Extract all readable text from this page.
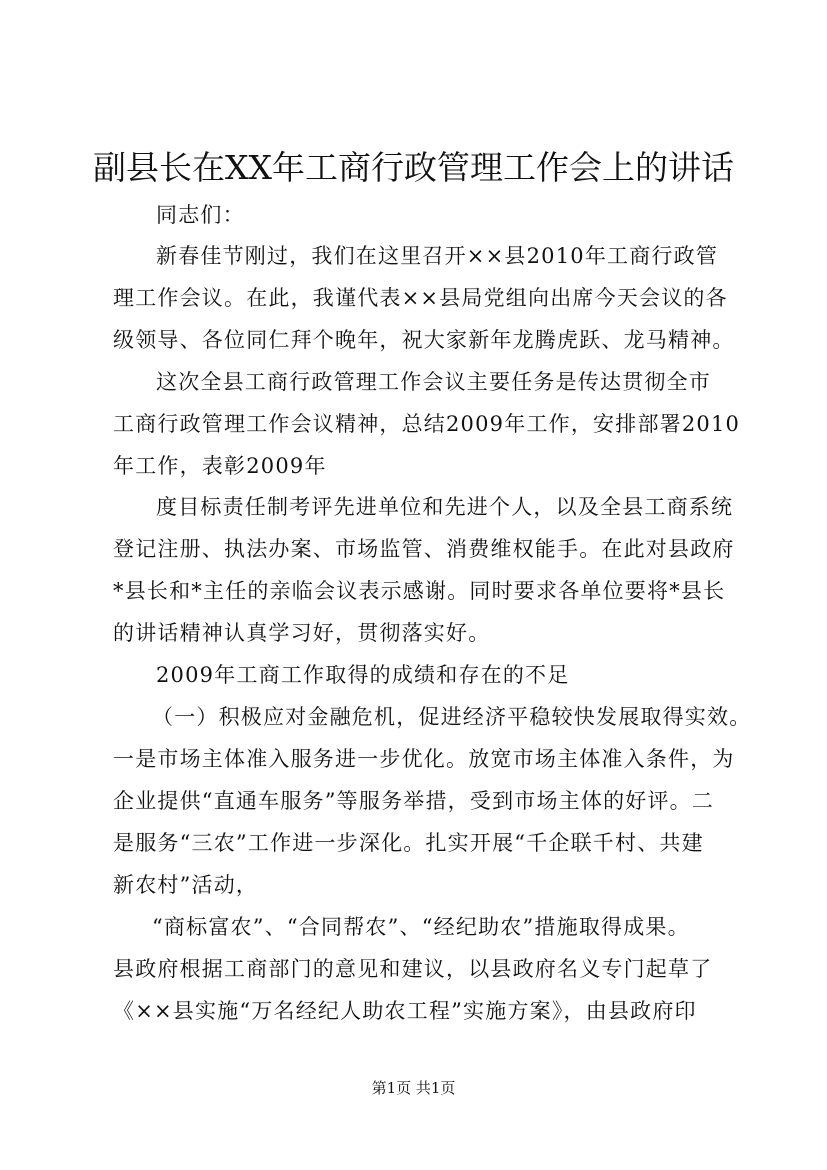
副县长在XX年工商行政管理工作会上的讲话
同志们：
新春佳节刚过，我们在这里召开××县2010年工商行政管
理工作会议。在此，我谨代表××县局党组向出席今天会议的各
级领导、各位同仁拜个晚年，祝大家新年龙腾虎跃、龙马精神。
这次全县工商行政管理工作会议主要任务是传达贯彻全市
工商行政管理工作会议精神，总结2009年工作，安排部署2010
年工作，表彰2009年
度目标责任制考评先进单位和先进个人，以及全县工商系统
登记注册、执法办案、市场监管、消费维权能手。在此对县政府
*县长和*主任的亲临会议表示感谢。同时要求各单位要将*县长
的讲话精神认真学习好，贯彻落实好。
2009年工商工作取得的成绩和存在的不足
（一）积极应对金融危机，促进经济平稳较快发展取得实效。
一是市场主体准入服务进一步优化。放宽市场主体准入条件，为
企业提供“直通车服务”等服务举措，受到市场主体的好评。二
是服务“三农”工作进一步深化。扎实开展“千企联千村、共建
新农村”活动，
“商标富农”、“合同帮农”、“经纪助农”措施取得成果。
县政府根据工商部门的意见和建议，以县政府名义专门起草了
《××县实施“万名经纪人助农工程”实施方案》，由县政府印
第1页 共1页
